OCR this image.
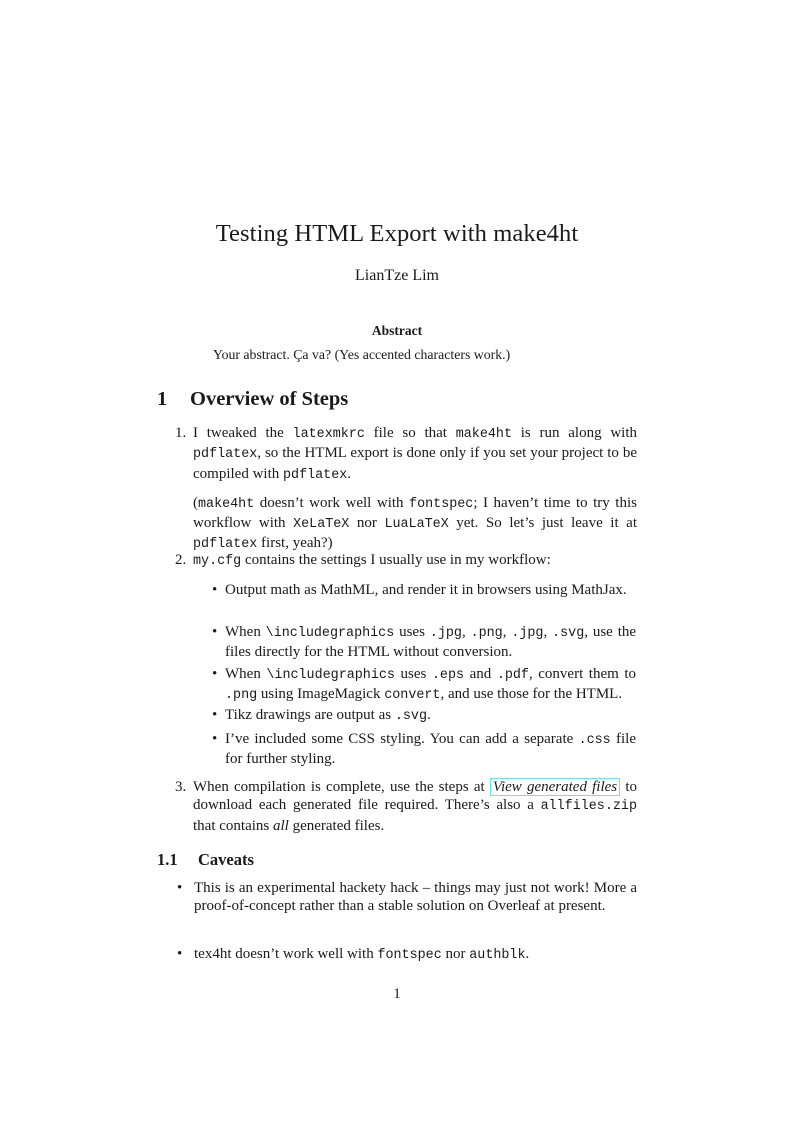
Testing HTML Export with make4ht
LianTze Lim
Abstract
Your abstract. Ça va? (Yes accented characters work.)
1 Overview of Steps
1. I tweaked the latexmkrc file so that make4ht is run along with pdflatex, so the HTML export is done only if you set your project to be compiled with pdflatex.

(make4ht doesn’t work well with fontspec; I haven’t time to try this workflow with XeLaTeX nor LuaLaTeX yet. So let’s just leave it at pdflatex first, yeah?)

2. my.cfg contains the settings I usually use in my workflow:
• Output math as MathML, and render it in browsers using MathJax.
• When \includegraphics uses .jpg, .png, .jpg, .svg, use the files directly for the HTML without conversion.
• When \includegraphics uses .eps and .pdf, convert them to .png using ImageMagick convert, and use those for the HTML.
• Tikz drawings are output as .svg.
• I’ve included some CSS styling. You can add a separate .css file for further styling.
3. When compilation is complete, use the steps at View generated files to download each generated file required. There’s also a allfiles.zip that contains all generated files.
1.1 Caveats
• This is an experimental hackety hack – things may just not work! More a proof-of-concept rather than a stable solution on Overleaf at present.
• tex4ht doesn’t work well with fontspec nor authblk.
1
